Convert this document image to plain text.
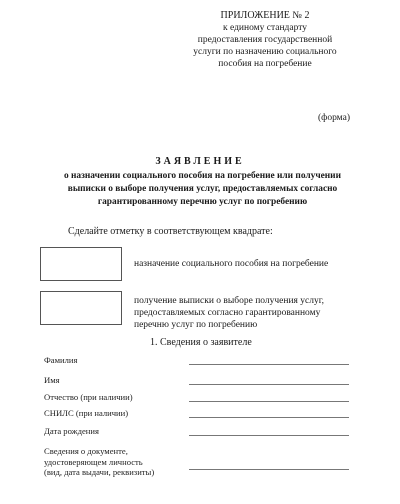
ПРИЛОЖЕНИЕ № 2
к единому стандарту
предоставления государственной
услуги по назначению социального
пособия на погребение
(форма)
ЗАЯВЛЕНИЕ
о назначении социального пособия на погребение или получении
выписки о выборе получения услуг, предоставляемых согласно
гарантированному перечню услуг по погребению
Сделайте отметку в соответствующем квадрате:
назначение социального пособия на погребение
получение выписки о выборе получения услуг,
предоставляемых согласно гарантированному
перечню услуг по погребению
1. Сведения о заявителе
Фамилия
Имя
Отчество (при наличии)
СНИЛС (при наличии)
Дата рождения
Сведения о документе,
удостоверяющем личность
(вид, дата выдачи, реквизиты)
